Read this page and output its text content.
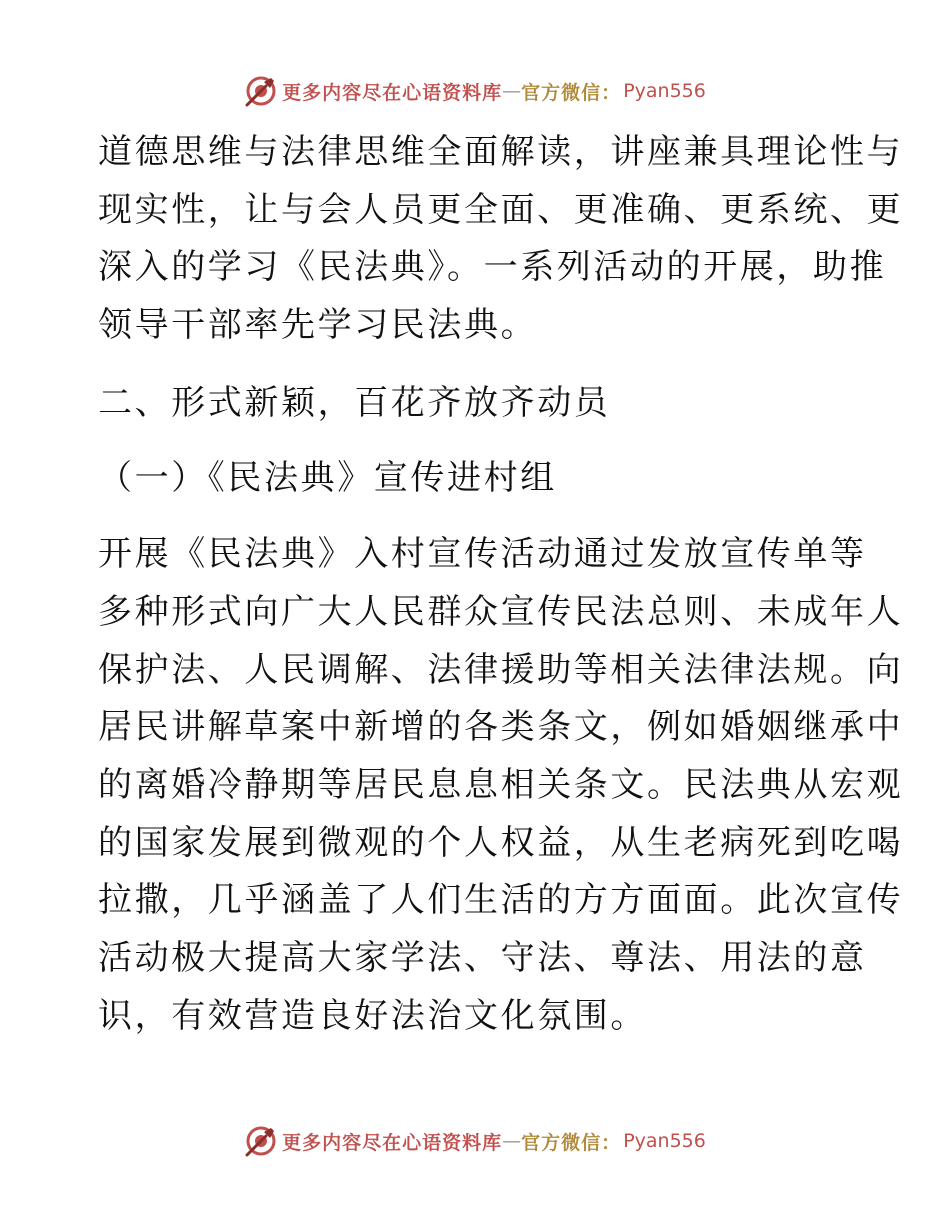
更多内容尽在心语资料库 — 官方微信： Pyan556
道德思维与法律思维全面解读，讲座兼具理论性与
现实性，让与会人员更全面、更准确、更系统、更
深入的学习《民法典》。一系列活动的开展，助推
领导干部率先学习民法典。
二、形式新颖，百花齐放齐动员
（一）《民法典》宣传进村组
开展《民法典》入村宣传活动通过发放宣传单等
多种形式向广大人民群众宣传民法总则、未成年人
保护法、人民调解、法律援助等相关法律法规。向
居民讲解草案中新增的各类条文，例如婚姻继承中
的离婚冷静期等居民息息相关条文。民法典从宏观
的国家发展到微观的个人权益，从生老病死到吃喝
拉撒，几乎涵盖了人们生活的方方面面。此次宣传
活动极大提高大家学法、守法、尊法、用法的意
识，有效营造良好法治文化氛围。
更多内容尽在心语资料库 — 官方微信： Pyan556
